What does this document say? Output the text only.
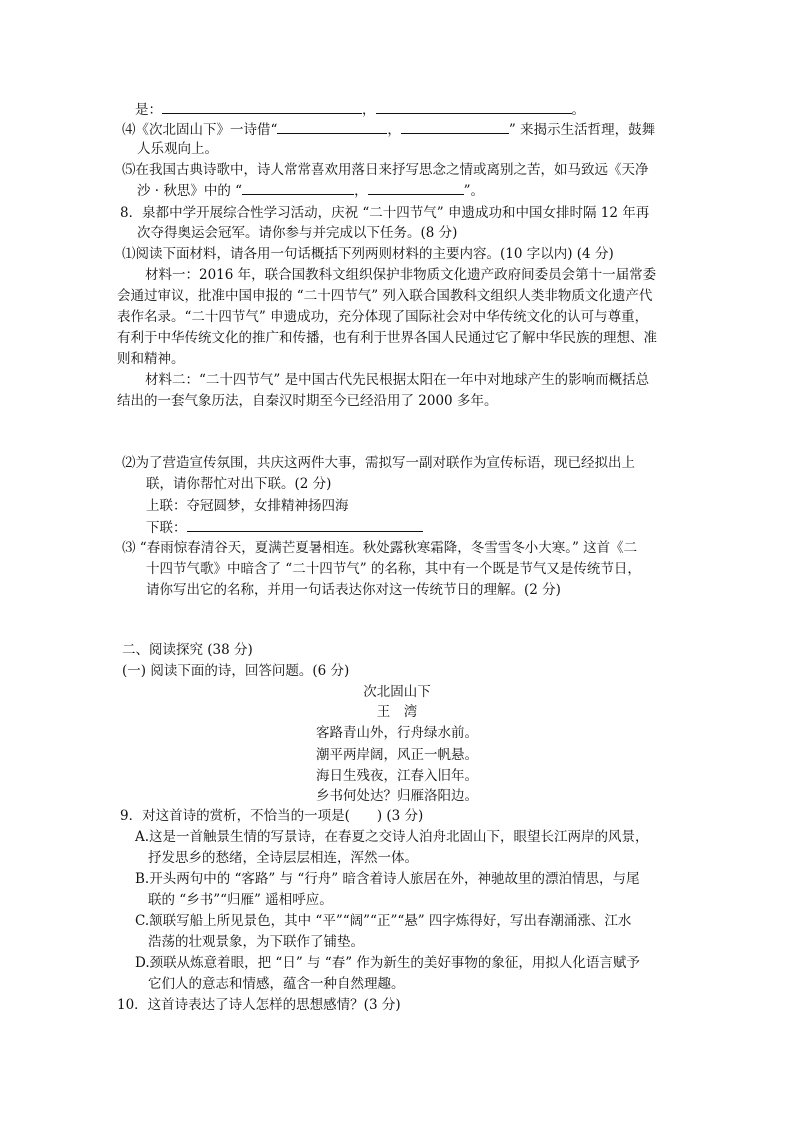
是：	，	。
⑷《次北固山下》一诗借“	，	” 来揭示生活哲理，鼓舞
人乐观向上。
⑸在我国古典诗歌中，诗人常常喜欢用落日来抒写思念之情或离别之苦，如马致远《天净
沙 · 秋思》中的 “	，	”。
8．泉都中学开展综合性学习活动，庆祝 “二十四节气” 申遗成功和中国女排时隔 12 年再
次夺得奥运会冠军。请你参与并完成以下任务。(8 分)
⑴阅读下面材料，请各用一句话概括下列两则材料的主要内容。(10 字以内) (4 分)
材料一：2016 年，联合国教科文组织保护非物质文化遗产政府间委员会第十一届常委
会通过审议，批准中国申报的 “二十四节气” 列入联合国教科文组织人类非物质文化遗产代
表作名录。“二十四节气” 申遗成功，充分体现了国际社会对中华传统文化的认可与尊重，
有利于中华传统文化的推广和传播，也有利于世界各国人民通过它了解中华民族的理想、准
则和精神。
材料二：“二十四节气” 是中国古代先民根据太阳在一年中对地球产生的影响而概括总
结出的一套气象历法，自秦汉时期至今已经沿用了 2000 多年。
⑵为了营造宣传氛围，共庆这两件大事，需拟写一副对联作为宣传标语，现已经拟出上
联，请你帮忙对出下联。(2 分)
上联：夺冠圆梦，女排精神扬四海
下联：
⑶ “春雨惊春清谷天，夏满芒夏暑相连。秋处露秋寒霜降，冬雪雪冬小大寒。” 这首《二
十四节气歌》中暗含了 “二十四节气” 的名称，其中有一个既是节气又是传统节日，
请你写出它的名称，并用一句话表达你对这一传统节日的理解。(2 分)
二、阅读探究 (38 分)
(一) 阅读下面的诗，回答问题。(6 分)
次北固山下
王　湾
客路青山外，行舟绿水前。
潮平两岸阔，风正一帆悬。
海日生残夜，江春入旧年。
乡书何处达？归雁洛阳边。
9．对这首诗的赏析，不恰当的一项是(　　) (3 分)
A.这是一首触景生情的写景诗，在春夏之交诗人泊舟北固山下，眼望长江两岸的风景，
抒发思乡的愁绪，全诗层层相连，浑然一体。
B.开头两句中的 “客路” 与 “行舟” 暗含着诗人旅居在外，神驰故里的漂泊情思，与尾
联的 “乡书”“归雁” 遥相呼应。
C.颔联写船上所见景色，其中 “平”“阔”“正”“悬” 四字炼得好，写出春潮涌涨、江水
浩荡的壮观景象，为下联作了铺垫。
D.颈联从炼意着眼，把 “日” 与 “春” 作为新生的美好事物的象征，用拟人化语言赋予
它们人的意志和情感，蕴含一种自然理趣。
10．这首诗表达了诗人怎样的思想感情？(3 分)
